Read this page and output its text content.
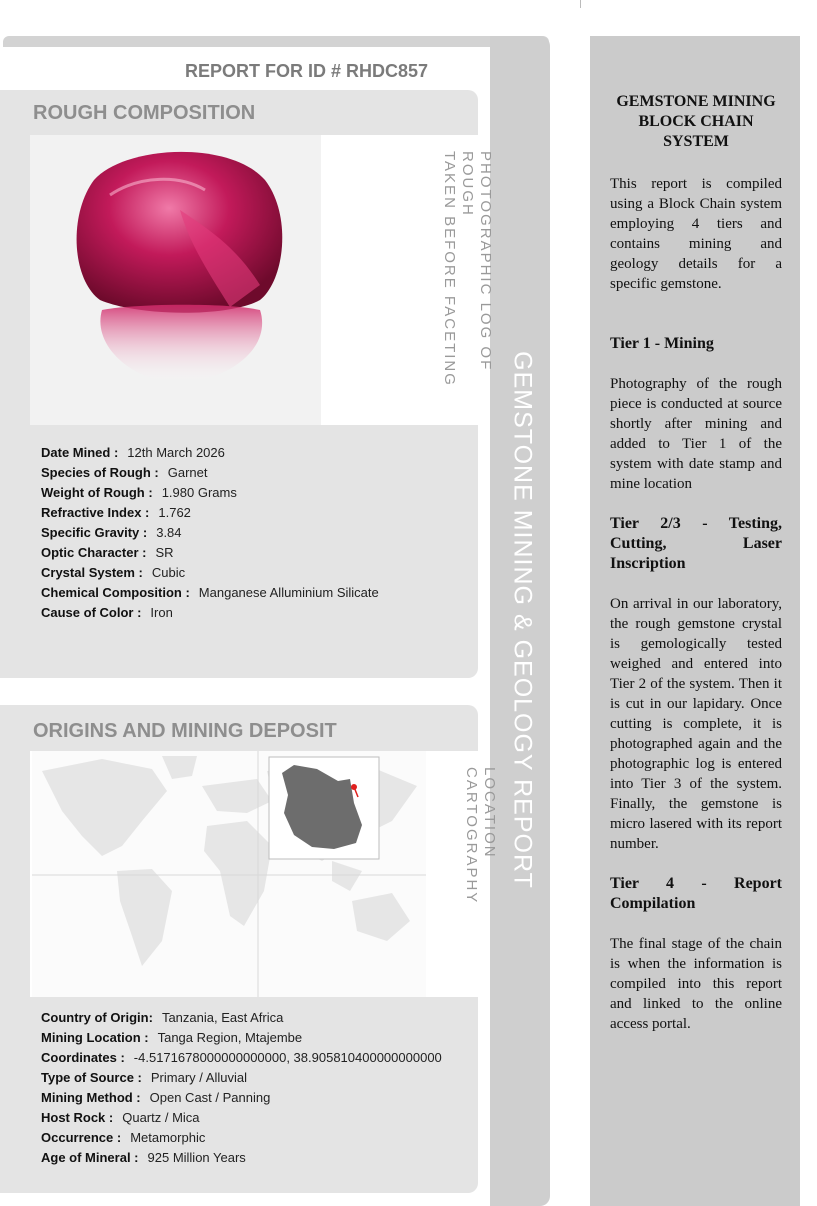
GEMSTONE MINING & GEOLOGY REPORT
REPORT FOR ID # RHDC857
ROUGH COMPOSITION
PHOTOGRAPHIC LOG OF ROUGH
TAKEN BEFORE FACETING
Date Mined : 12th March 2026
Species of Rough : Garnet
Weight of Rough : 1.980 Grams
Refractive Index : 1.762
Specific Gravity : 3.84
Optic Character : SR
Crystal System : Cubic
Chemical Composition : Manganese Alluminium Silicate
Cause of Color : Iron
ORIGINS AND MINING DEPOSIT
LOCATION CARTOGRAPHY
Country of Origin: Tanzania, East Africa
Mining Location : Tanga Region, Mtajembe
Coordinates : -4.5171678000000000000, 38.905810400000000000
Type of Source : Primary / Alluvial
Mining Method : Open Cast / Panning
Host Rock : Quartz / Mica
Occurrence : Metamorphic
Age of Mineral : 925 Million Years
GEMSTONE MINING BLOCK CHAIN SYSTEM

This report is compiled using a Block Chain system employing 4 tiers and contains mining and geology details for a specific gemstone.

Tier 1 - Mining

Photography of the rough piece is conducted at source shortly after mining and added to Tier 1 of the system with date stamp and mine location

Tier 2/3 - Testing, Cutting, Laser Inscription

On arrival in our laboratory, the rough gemstone crystal is gemologically tested weighed and entered into Tier 2 of the system. Then it is cut in our lapidary. Once cutting is complete, it is photographed again and the photographic log is entered into Tier 3 of the system. Finally, the gemstone is micro lasered with its report number.

Tier 4 - Report Compilation

The final stage of the chain is when the information is compiled into this report and linked to the online access portal.
